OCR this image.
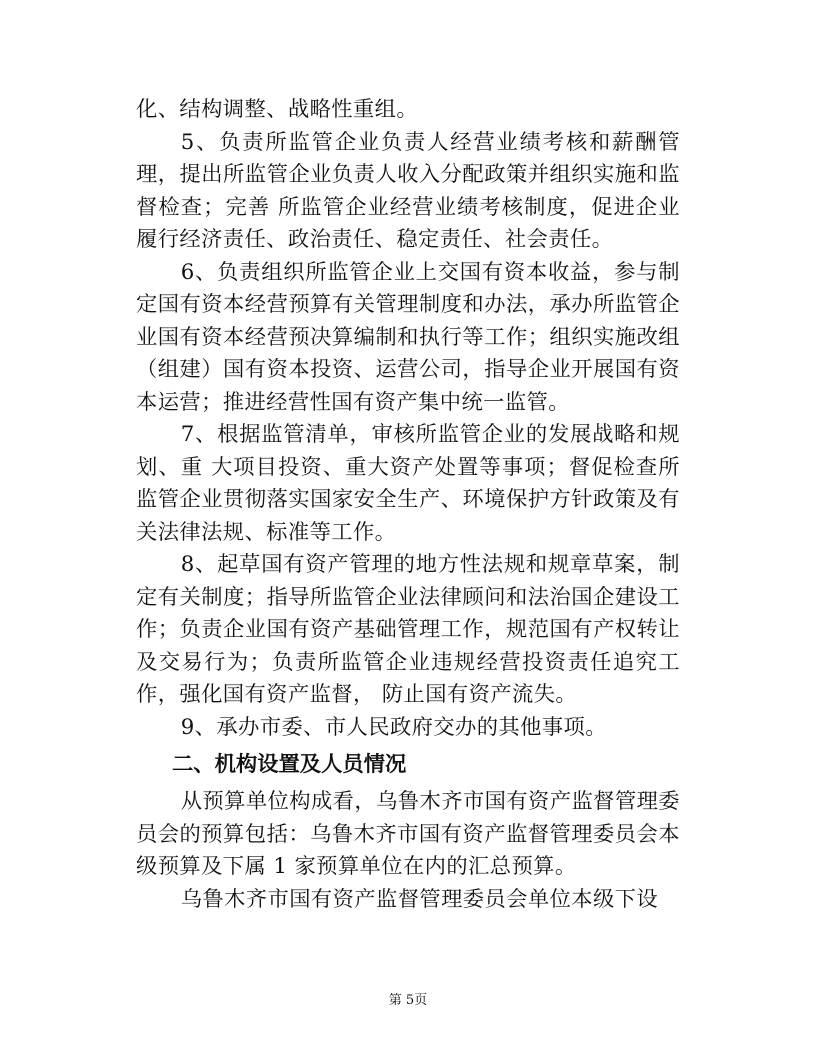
化、结构调整、战略性重组。

5、负责所监管企业负责人经营业绩考核和薪酬管理，提出所监管企业负责人收入分配政策并组织实施和监督检查；完善 所监管企业经营业绩考核制度，促进企业履行经济责任、政治责任、稳定责任、社会责任。

6、负责组织所监管企业上交国有资本收益，参与制定国有资本经营预算有关管理制度和办法，承办所监管企业国有资本经营预决算编制和执行等工作；组织实施改组（组建）国有资本投资、运营公司，指导企业开展国有资本运营；推进经营性国有资产集中统一监管。

7、根据监管清单，审核所监管企业的发展战略和规划、重 大项目投资、重大资产处置等事项；督促检查所监管企业贯彻落实国家安全生产、环境保护方针政策及有关法律法规、标准等工作。

8、起草国有资产管理的地方性法规和规章草案，制定有关制度；指导所监管企业法律顾问和法治国企建设工作；负责企业国有资产基础管理工作，规范国有产权转让及交易行为；负责所监管企业违规经营投资责任追究工作，强化国有资产监督， 防止国有资产流失。

9、承办市委、市人民政府交办的其他事项。

二、机构设置及人员情况

从预算单位构成看，乌鲁木齐市国有资产监督管理委员会的预算包括：乌鲁木齐市国有资产监督管理委员会本级预算及下属 1 家预算单位在内的汇总预算。

乌鲁木齐市国有资产监督管理委员会单位本级下设

第 5页
